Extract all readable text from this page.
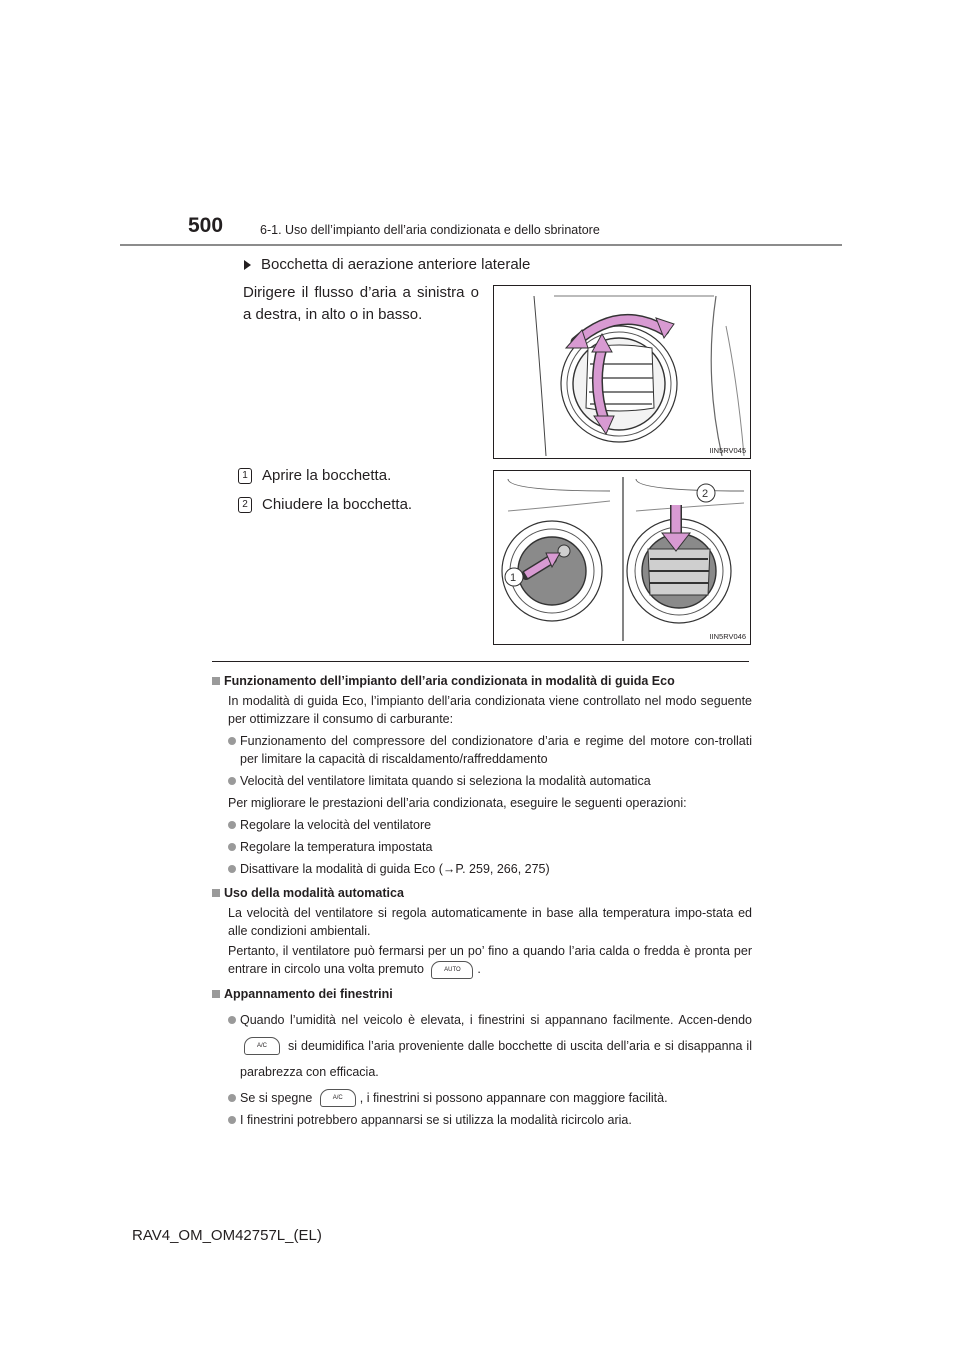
500	6-1. Uso dell’impianto dell’aria condizionata e dello sbrinatore
Bocchetta di aerazione anteriore laterale
Dirigere il flusso d’aria a sinistra o a destra, in alto o in basso.
IIN5RV045
1 Aprire la bocchetta.
2 Chiudere la bocchetta.
1
2
IIN5RV046
Funzionamento dell’impianto dell’aria condizionata in modalità di guida Eco
In modalità di guida Eco, l’impianto dell’aria condizionata viene controllato nel modo seguente per ottimizzare il consumo di carburante:
Funzionamento del compressore del condizionatore d’aria e regime del motore con-trollati per limitare la capacità di riscaldamento/raffreddamento
Velocità del ventilatore limitata quando si seleziona la modalità automatica
Per migliorare le prestazioni dell’aria condizionata, eseguire le seguenti operazioni:
Regolare la velocità del ventilatore
Regolare la temperatura impostata
Disattivare la modalità di guida Eco (→P. 259, 266, 275)
Uso della modalità automatica
La velocità del ventilatore si regola automaticamente in base alla temperatura impo-stata ed alle condizioni ambientali.
Pertanto, il ventilatore può fermarsi per un po’ fino a quando l’aria calda o fredda è pronta per entrare in circolo una volta premuto	AUTO .
Appannamento dei finestrini
Quando l’umidità nel veicolo è elevata, i finestrini si appannano facilmente. Accen-dendo A/C si deumidifica l’aria proveniente dalle bocchette di uscita dell’aria e si disappanna il parabrezza con efficacia.
Se si spegne	A/C , i finestrini si possono appannare con maggiore facilità.
I finestrini potrebbero appannarsi se si utilizza la modalità ricircolo aria.
RAV4_OM_OM42757L_(EL)
